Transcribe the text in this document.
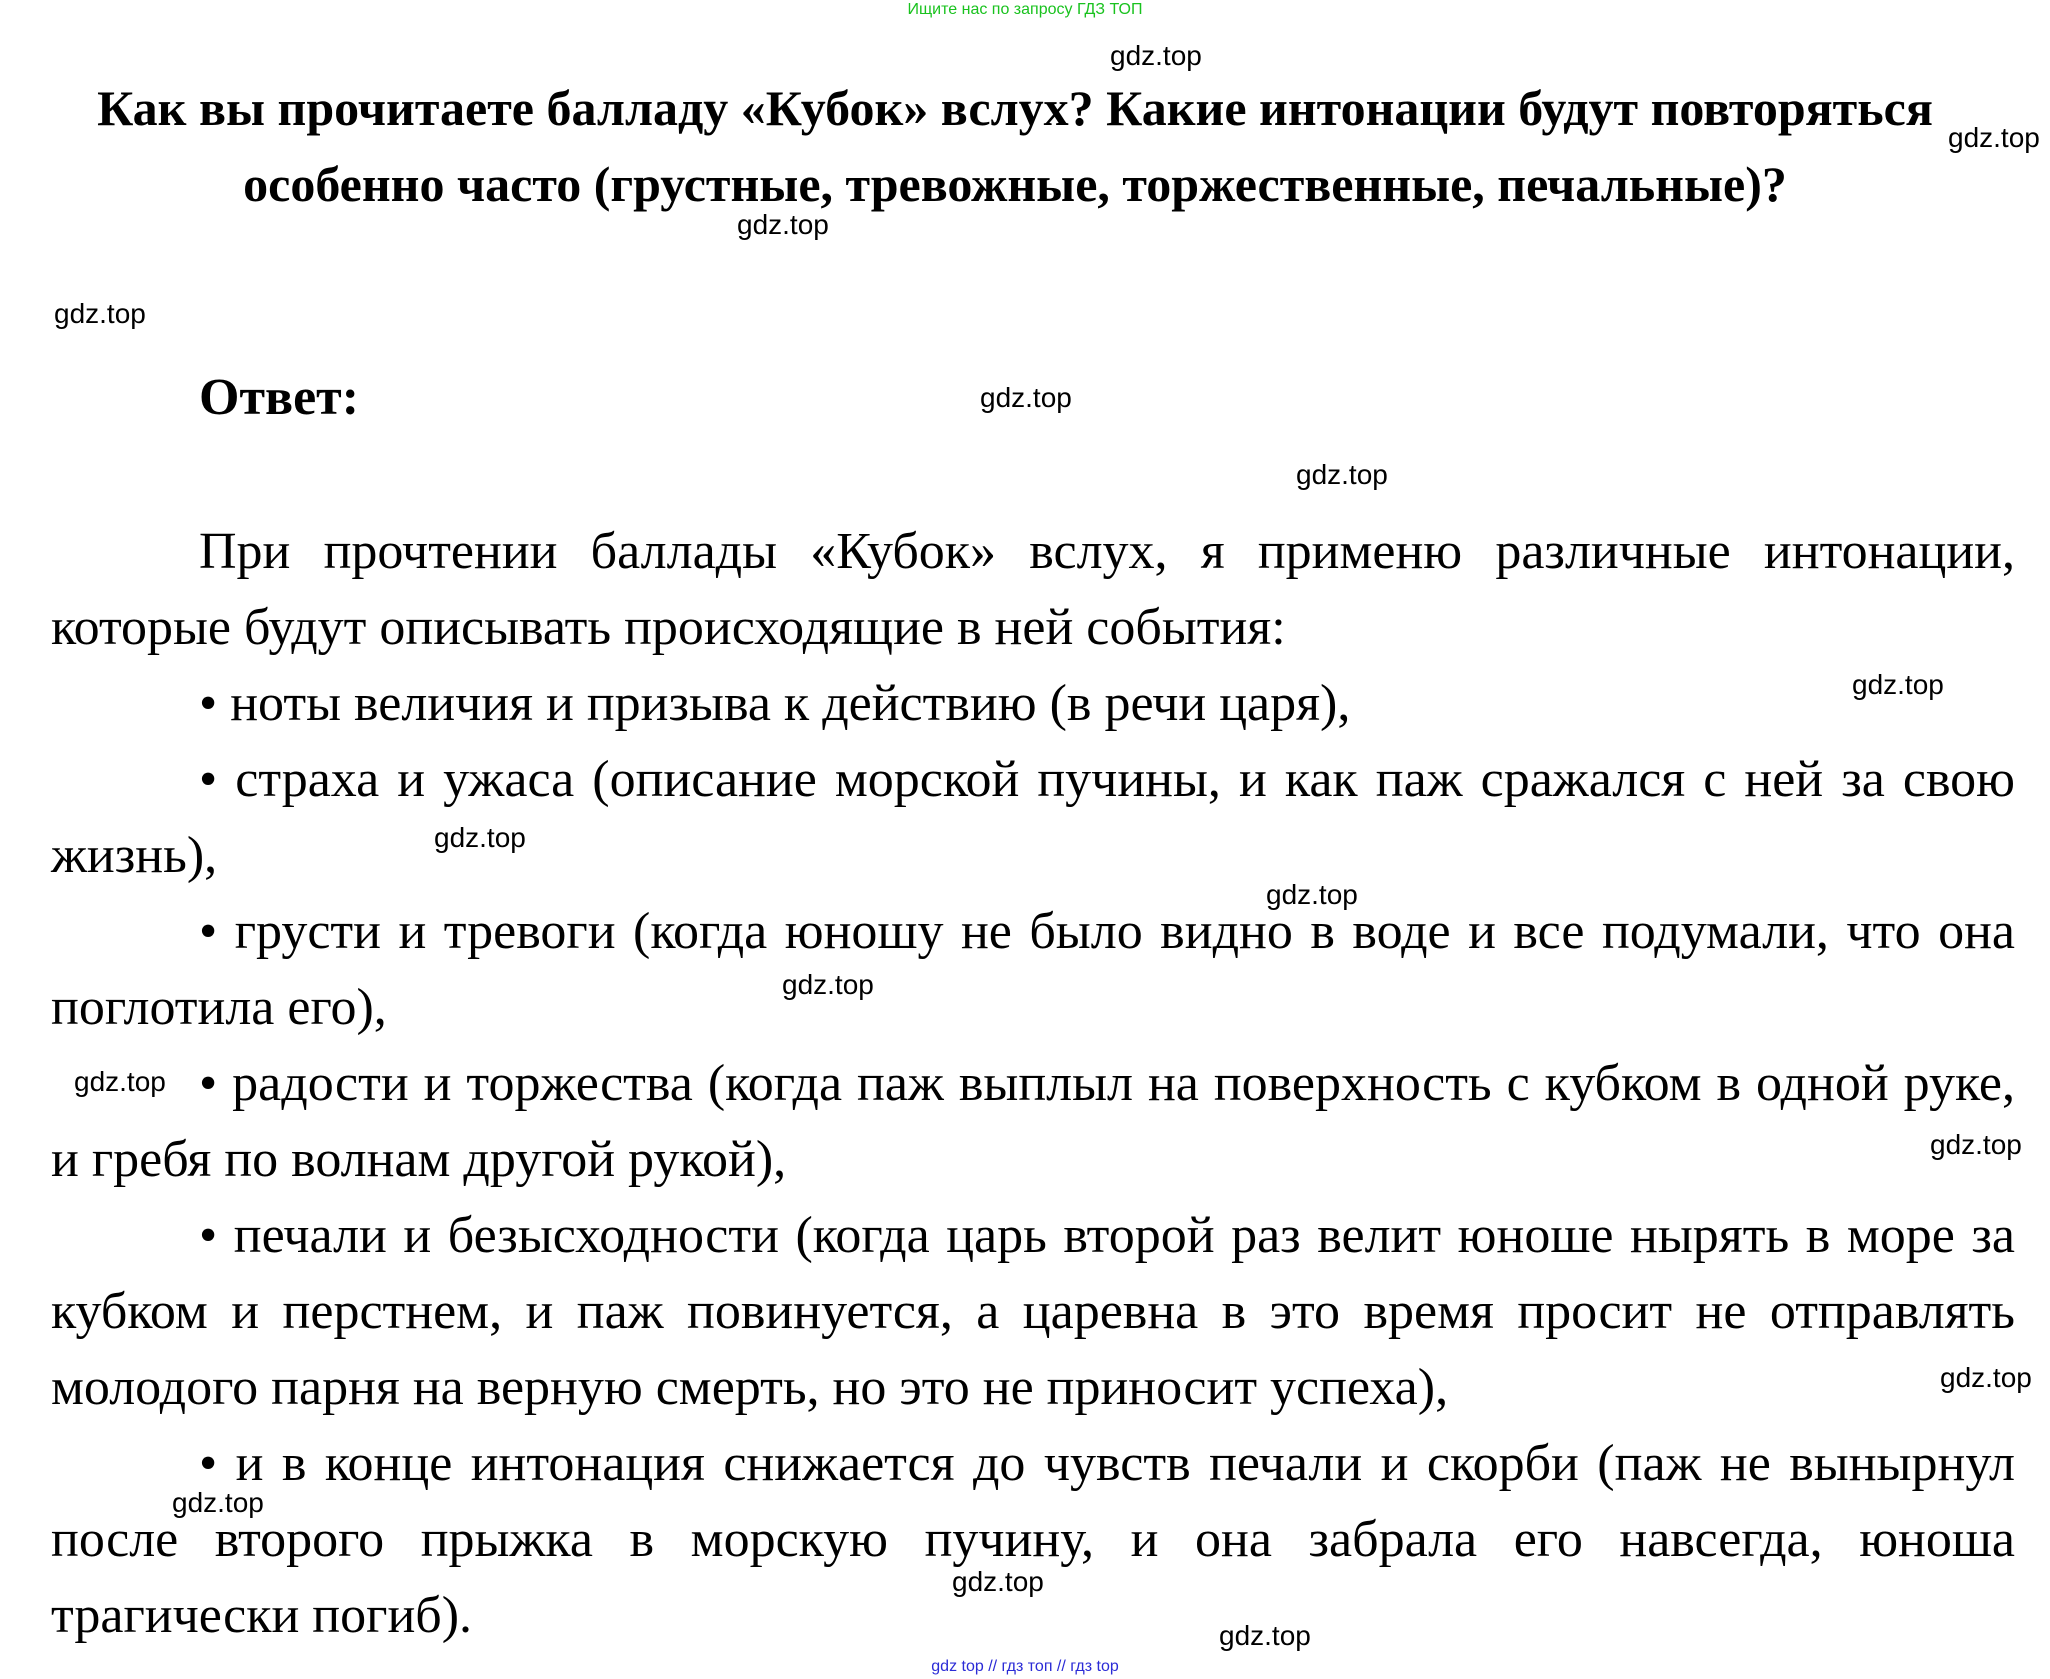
Ищите нас по запросу ГДЗ ТОП
Как вы прочитаете балладу «Кубок» вслух? Какие интонации будут повторяться особенно часто (грустные, тревожные, торжественные, печальные)?
Ответ:

При прочтении баллады «Кубок» вслух, я применю различные интонации, которые будут описывать происходящие в ней события:

• ноты величия и призыва к действию (в речи царя),

• страха и ужаса (описание морской пучины, и как паж сражался с ней за свою жизнь),

• грусти и тревоги (когда юношу не было видно в воде и все подумали, что она поглотила его),

• радости и торжества (когда паж выплыл на поверхность с кубком в одной руке, и гребя по волнам другой рукой),

• печали и безысходности (когда царь второй раз велит юноше нырять в море за кубком и перстнем, и паж повинуется, а царевна в это время просит не отправлять молодого парня на верную смерть, но это не приносит успеха),

• и в конце интонация снижается до чувств печали и скорби (паж не вынырнул после второго прыжка в морскую пучину, и она забрала его навсегда, юноша трагически погиб).

gdz.top
gdz.top
gdz.top
gdz.top
gdz.top
gdz.top
gdz.top
gdz.top
gdz.top
gdz.top
gdz.top
gdz.top
gdz.top
gdz.top
gdz.top
gdz.top
gdz top // гдз топ // гдз top
